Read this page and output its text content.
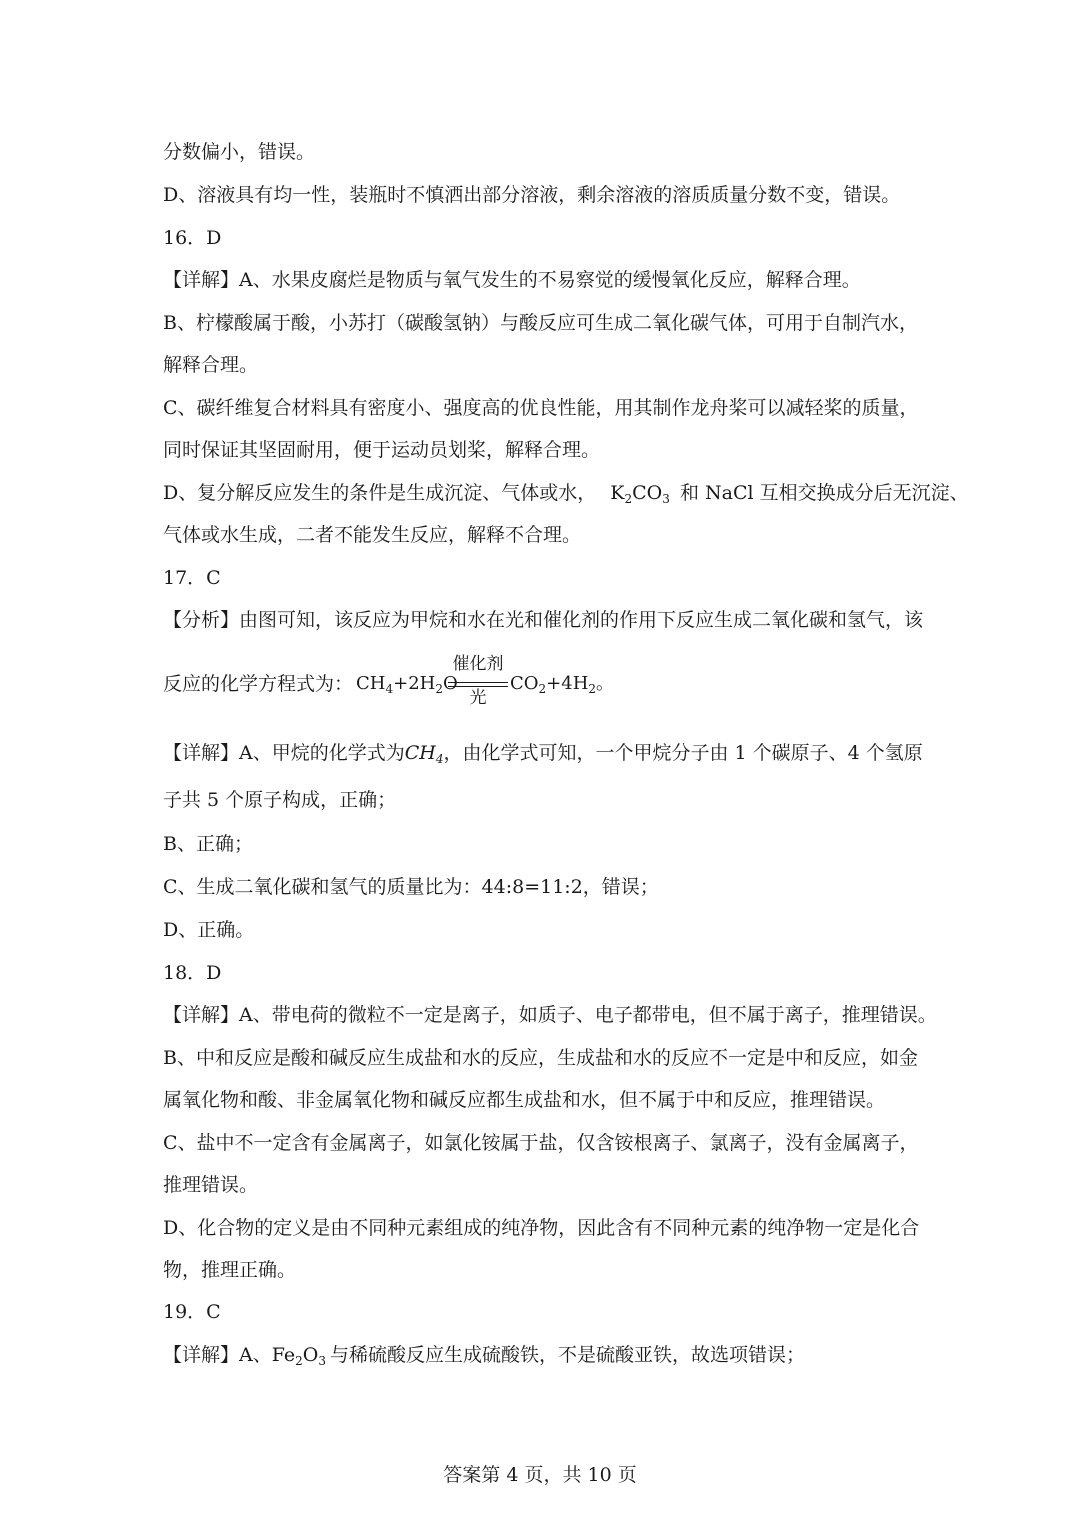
分数偏小，错误。
D、溶液具有均一性，装瓶时不慎洒出部分溶液，剩余溶液的溶质质量分数不变，错误。
16．D
【详解】A、水果皮腐烂是物质与氧气发生的不易察觉的缓慢氧化反应，解释合理。
B、柠檬酸属于酸，小苏打（碳酸氢钠）与酸反应可生成二氧化碳气体，可用于自制汽水，
解释合理。
C、碳纤维复合材料具有密度小、强度高的优良性能，用其制作龙舟桨可以减轻桨的质量，
同时保证其坚固耐用，便于运动员划桨，解释合理。
D、复分解反应发生的条件是生成沉淀、气体或水， $K_2CO_3$ 和 NaCl 互相交换成分后无沉淀、
气体或水生成，二者不能发生反应，解释不合理。
17．C
【分析】由图可知，该反应为甲烷和水在光和催化剂的作用下反应生成二氧化碳和氢气，该
反应的化学方程式为： $CH_4+2H_2O$
催化剂
光
$CO_2+4H_2$。
【详解】A、甲烷的化学式为$CH_4$，由化学式可知，一个甲烷分子由 1 个碳原子、4 个氢原
子共 5 个原子构成，正确；
B、正确；
C、生成二氧化碳和氢气的质量比为：44:8=11:2，错误；
D、正确。
18．D
【详解】A、带电荷的微粒不一定是离子，如质子、电子都带电，但不属于离子，推理错误。
B、中和反应是酸和碱反应生成盐和水的反应，生成盐和水的反应不一定是中和反应，如金
属氧化物和酸、非金属氧化物和碱反应都生成盐和水，但不属于中和反应，推理错误。
C、盐中不一定含有金属离子，如氯化铵属于盐，仅含铵根离子、氯离子，没有金属离子，
推理错误。
D、化合物的定义是由不同种元素组成的纯净物，因此含有不同种元素的纯净物一定是化合
物，推理正确。
19．C
【详解】A、$Fe_2O_3$ 与稀硫酸反应生成硫酸铁，不是硫酸亚铁，故选项错误；
答案第 4 页，共 10 页
